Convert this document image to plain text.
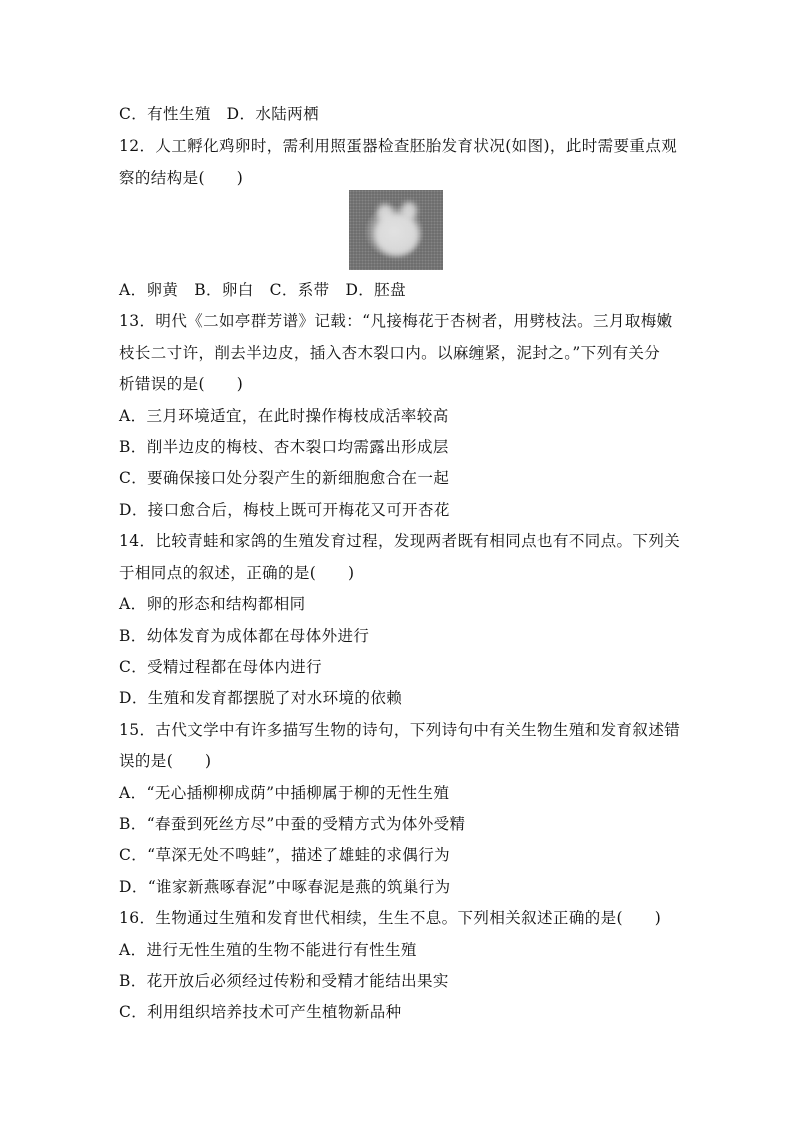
C．有性生殖　D．水陆两栖
12．人工孵化鸡卵时，需利用照蛋器检查胚胎发育状况(如图)，此时需要重点观
察的结构是(　　)
A．卵黄　B．卵白　C．系带　D．胚盘
13．明代《二如亭群芳谱》记载：“凡接梅花于杏树者，用劈枝法。三月取梅嫩
枝长二寸许，削去半边皮，插入杏木裂口内。以麻缠紧，泥封之。”下列有关分
析错误的是(　　)
A．三月环境适宜，在此时操作梅枝成活率较高
B．削半边皮的梅枝、杏木裂口均需露出形成层
C．要确保接口处分裂产生的新细胞愈合在一起
D．接口愈合后，梅枝上既可开梅花又可开杏花
14．比较青蛙和家鸽的生殖发育过程，发现两者既有相同点也有不同点。下列关
于相同点的叙述，正确的是(　　)
A．卵的形态和结构都相同
B．幼体发育为成体都在母体外进行
C．受精过程都在母体内进行
D．生殖和发育都摆脱了对水环境的依赖
15．古代文学中有许多描写生物的诗句，下列诗句中有关生物生殖和发育叙述错
误的是(　　)
A．“无心插柳柳成荫”中插柳属于柳的无性生殖
B．“春蚕到死丝方尽”中蚕的受精方式为体外受精
C．“草深无处不鸣蛙”，描述了雄蛙的求偶行为
D．“谁家新燕啄春泥”中啄春泥是燕的筑巢行为
16．生物通过生殖和发育世代相续，生生不息。下列相关叙述正确的是(　　)
A．进行无性生殖的生物不能进行有性生殖
B．花开放后必须经过传粉和受精才能结出果实
C．利用组织培养技术可产生植物新品种
